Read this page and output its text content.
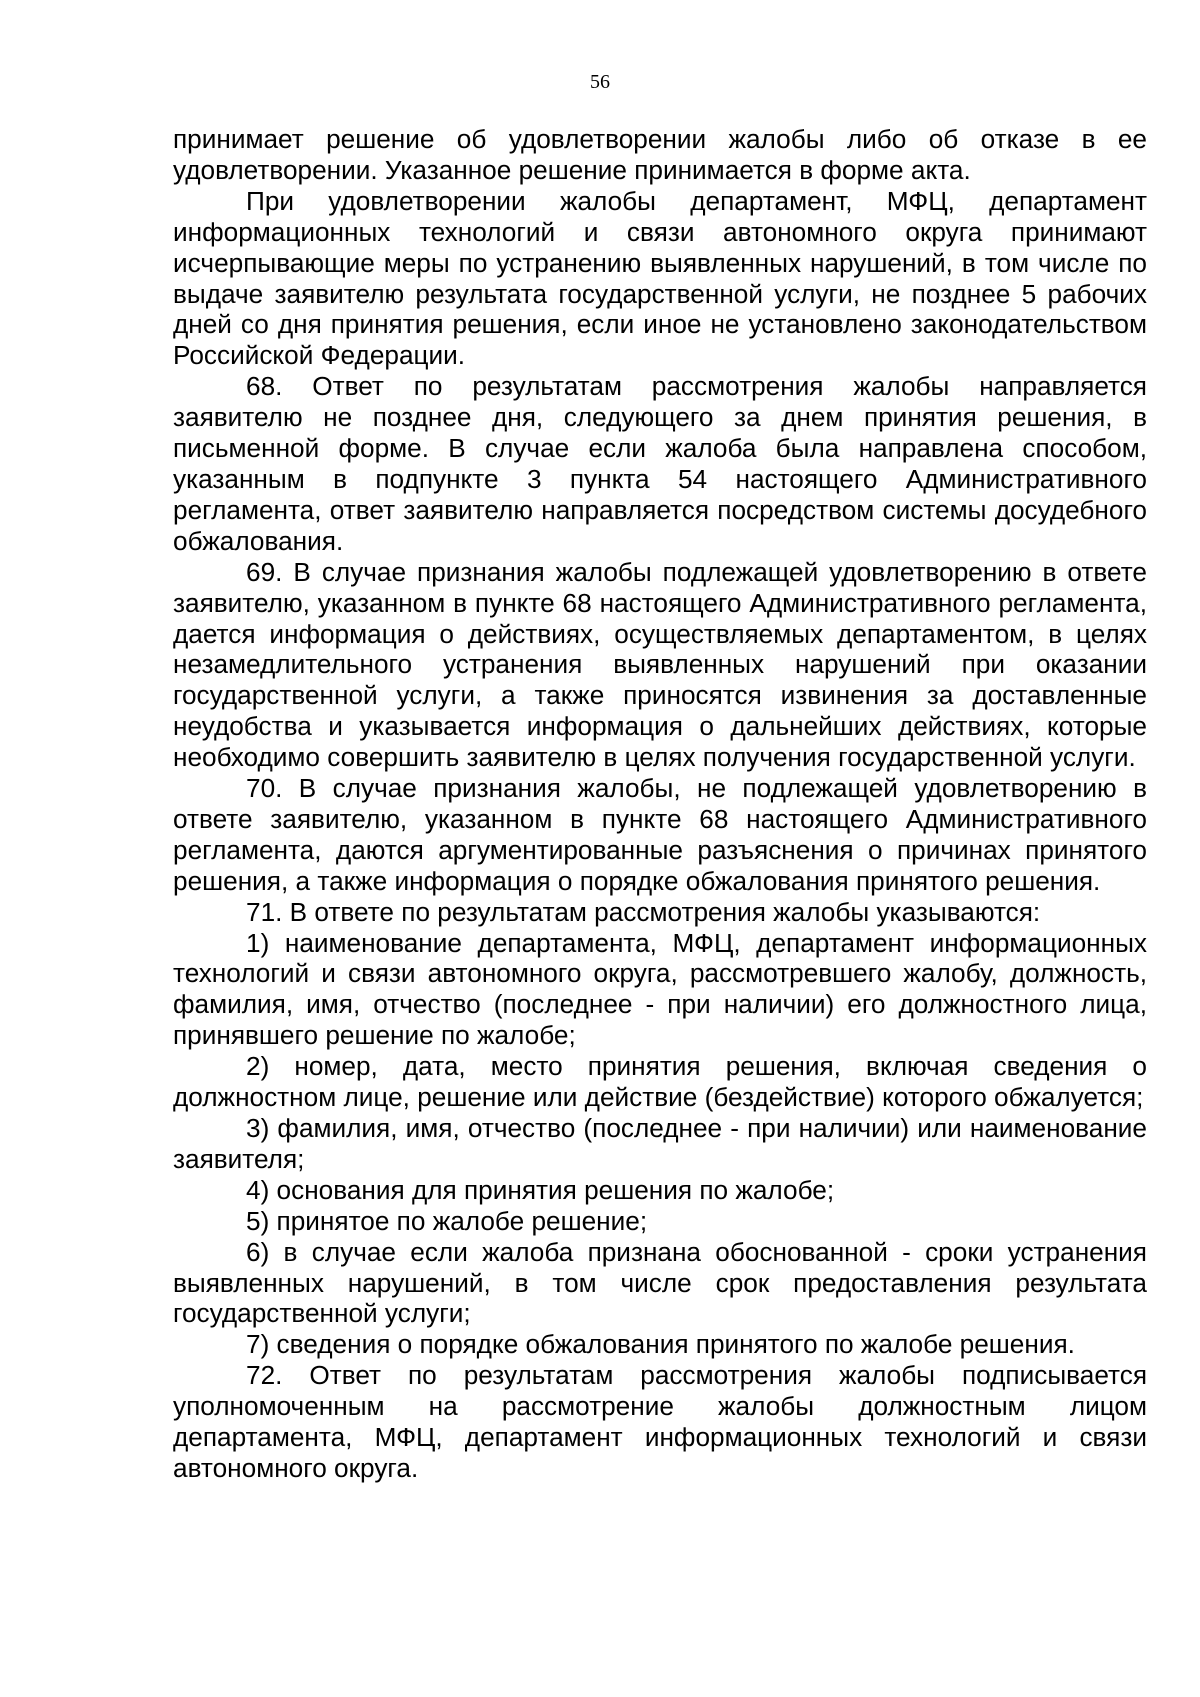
56

принимает решение об удовлетворении жалобы либо об отказе в ее удовлетворении. Указанное решение принимается в форме акта.

При удовлетворении жалобы департамент, МФЦ, департамент информационных технологий и связи автономного округа принимают исчерпывающие меры по устранению выявленных нарушений, в том числе по выдаче заявителю результата государственной услуги, не позднее 5 рабочих дней со дня принятия решения, если иное не установлено законодательством Российской Федерации.

68. Ответ по результатам рассмотрения жалобы направляется заявителю не позднее дня, следующего за днем принятия решения, в письменной форме. В случае если жалоба была направлена способом, указанным в подпункте 3 пункта 54 настоящего Административного регламента, ответ заявителю направляется посредством системы досудебного обжалования.

69. В случае признания жалобы подлежащей удовлетворению в ответе заявителю, указанном в пункте 68 настоящего Административного регламента, дается информация о действиях, осуществляемых департаментом, в целях незамедлительного устранения выявленных нарушений при оказании государственной услуги, а также приносятся извинения за доставленные неудобства и указывается информация о дальнейших действиях, которые необходимо совершить заявителю в целях получения государственной услуги.

70. В случае признания жалобы, не подлежащей удовлетворению в ответе заявителю, указанном в пункте 68 настоящего Административного регламента, даются аргументированные разъяснения о причинах принятого решения, а также информация о порядке обжалования принятого решения.

71. В ответе по результатам рассмотрения жалобы указываются:

1) наименование департамента, МФЦ, департамент информационных технологий и связи автономного округа, рассмотревшего жалобу, должность, фамилия, имя, отчество (последнее - при наличии) его должностного лица, принявшего решение по жалобе;

2) номер, дата, место принятия решения, включая сведения о должностном лице, решение или действие (бездействие) которого обжалуется;

3) фамилия, имя, отчество (последнее - при наличии) или наименование заявителя;

4) основания для принятия решения по жалобе;

5) принятое по жалобе решение;

6) в случае если жалоба признана обоснованной - сроки устранения выявленных нарушений, в том числе срок предоставления результата государственной услуги;

7) сведения о порядке обжалования принятого по жалобе решения.

72. Ответ по результатам рассмотрения жалобы подписывается уполномоченным на рассмотрение жалобы должностным лицом департамента, МФЦ, департамент информационных технологий и связи автономного округа.
